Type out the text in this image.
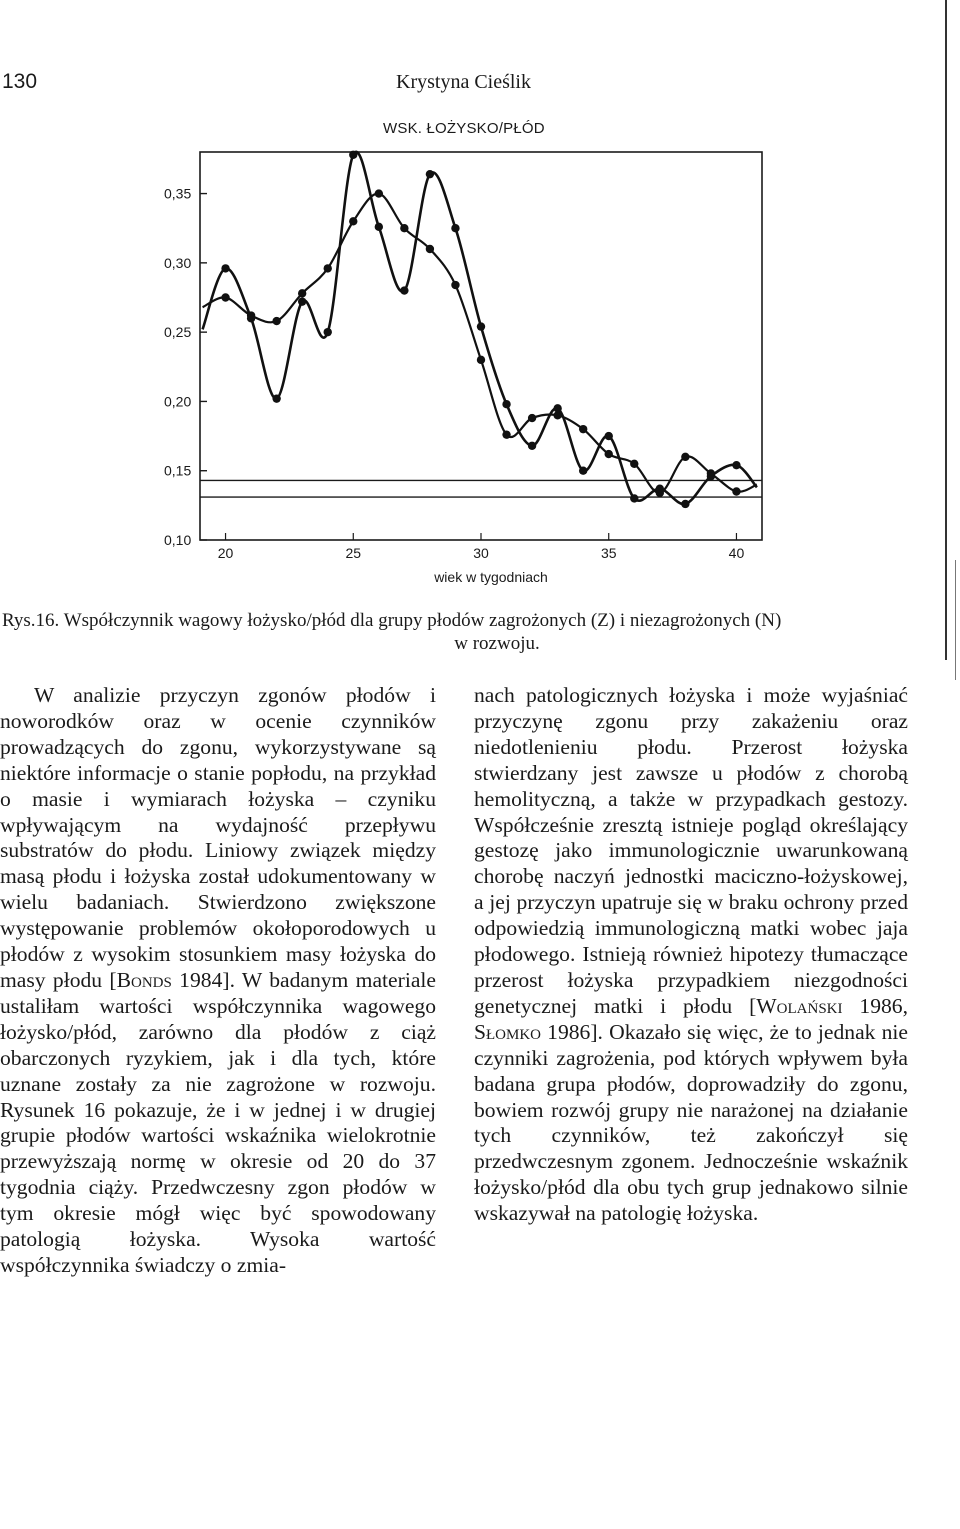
130	Krystyna Cieślik
WSK. ŁOŻYSKO/PŁÓD
0,10
0,15
0,20
0,25
0,30
0,35
20	25	30	35	40
wiek w tygodniach
Rys.16. Współczynnik wagowy łożysko/płód dla grupy płodów zagrożonych (Z) i niezagrożonych (N)
w rozwoju.

W analizie przyczyn zgonów płodów i noworodków oraz w ocenie czynników prowadzących do zgonu, wykorzystywane są niektóre informacje o stanie popłodu, na przykład o masie i wymiarach łożyska – czyniku wpływającym na wydajność przepływu substratów do płodu. Liniowy związek między masą płodu i łożyska został udokumentowany w wielu badaniach. Stwierdzono zwiększone występowanie problemów okołoporodowych u płodów z wysokim stosunkiem masy łożyska do masy płodu [Bonds 1984]. W badanym materiale ustaliłam wartości współczynnika wagowego łożysko/płód, zarówno dla płodów z ciąż obarczonych ryzykiem, jak i dla tych, które uznane zostały za nie zagrożone w rozwoju. Rysunek 16 pokazuje, że i w jednej i w drugiej grupie płodów wartości wskaźnika wielokrotnie przewyższają normę w okresie od 20 do 37 tygodnia ciąży. Przedwczesny zgon płodów w tym okresie mógł więc być spowodowany patologią łożyska. Wysoka wartość współczynnika świadczy o zmia-

nach patologicznych łożyska i może wyjaśniać przyczynę zgonu przy zakażeniu oraz niedotlenieniu płodu. Przerost łożyska stwierdzany jest zawsze u płodów z chorobą hemolityczną, a także w przypadkach gestozy. Współcześnie zresztą istnieje pogląd określający gestozę jako immunologicznie uwarunkowaną chorobę naczyń jednostki maciczno-łożyskowej, a jej przyczyn upatruje się w braku ochrony przed odpowiedzią immunologiczną matki wobec jaja płodowego. Istnieją również hipotezy tłumaczące przerost łożyska przypadkiem niezgodności genetycznej matki i płodu [Wolański 1986, Słomko 1986]. Okazało się więc, że to jednak nie czynniki zagrożenia, pod których wpływem była badana grupa płodów, doprowadziły do zgonu, bowiem rozwój grupy nie narażonej na działanie tych czynników, też zakończył się przedwczesnym zgonem. Jednocześnie wskaźnik łożysko/płód dla obu tych grup jednakowo silnie wskazywał na patologię łożyska.
